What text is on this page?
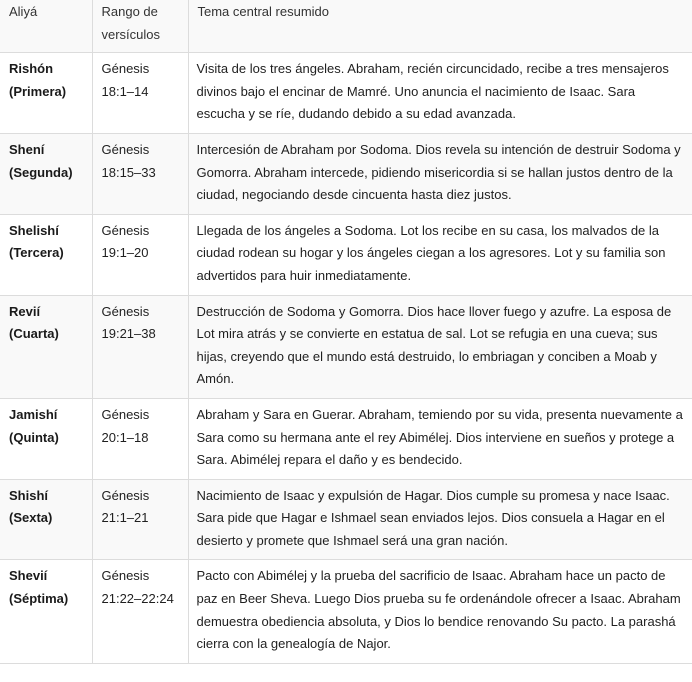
Aliyá	Rango de versículos	Tema central resumido
Rishón (Primera)	Génesis 18:1–14	Visita de los tres ángeles. Abraham, recién circuncidado, recibe a tres mensajeros divinos bajo el encinar de Mamré. Uno anuncia el nacimiento de Isaac. Sara escucha y se ríe, dudando debido a su edad avanzada.
Shení (Segunda)	Génesis 18:15–33	Intercesión de Abraham por Sodoma. Dios revela su intención de destruir Sodoma y Gomorra. Abraham intercede, pidiendo misericordia si se hallan justos dentro de la ciudad, negociando desde cincuenta hasta diez justos.
Shelishí (Tercera)	Génesis 19:1–20	Llegada de los ángeles a Sodoma. Lot los recibe en su casa, los malvados de la ciudad rodean su hogar y los ángeles ciegan a los agresores. Lot y su familia son advertidos para huir inmediatamente.
Revií (Cuarta)	Génesis 19:21–38	Destrucción de Sodoma y Gomorra. Dios hace llover fuego y azufre. La esposa de Lot mira atrás y se convierte en estatua de sal. Lot se refugia en una cueva; sus hijas, creyendo que el mundo está destruido, lo embriagan y conciben a Moab y Amón.
Jamishí (Quinta)	Génesis 20:1–18	Abraham y Sara en Guerar. Abraham, temiendo por su vida, presenta nuevamente a Sara como su hermana ante el rey Abimélej. Dios interviene en sueños y protege a Sara. Abimélej repara el daño y es bendecido.
Shishí (Sexta)	Génesis 21:1–21	Nacimiento de Isaac y expulsión de Hagar. Dios cumple su promesa y nace Isaac. Sara pide que Hagar e Ishmael sean enviados lejos. Dios consuela a Hagar en el desierto y promete que Ishmael será una gran nación.
Shevií (Séptima)	Génesis 21:22–22:24	Pacto con Abimélej y la prueba del sacrificio de Isaac. Abraham hace un pacto de paz en Beer Sheva. Luego Dios prueba su fe ordenándole ofrecer a Isaac. Abraham demuestra obediencia absoluta, y Dios lo bendice renovando Su pacto. La parashá cierra con la genealogía de Najor.
